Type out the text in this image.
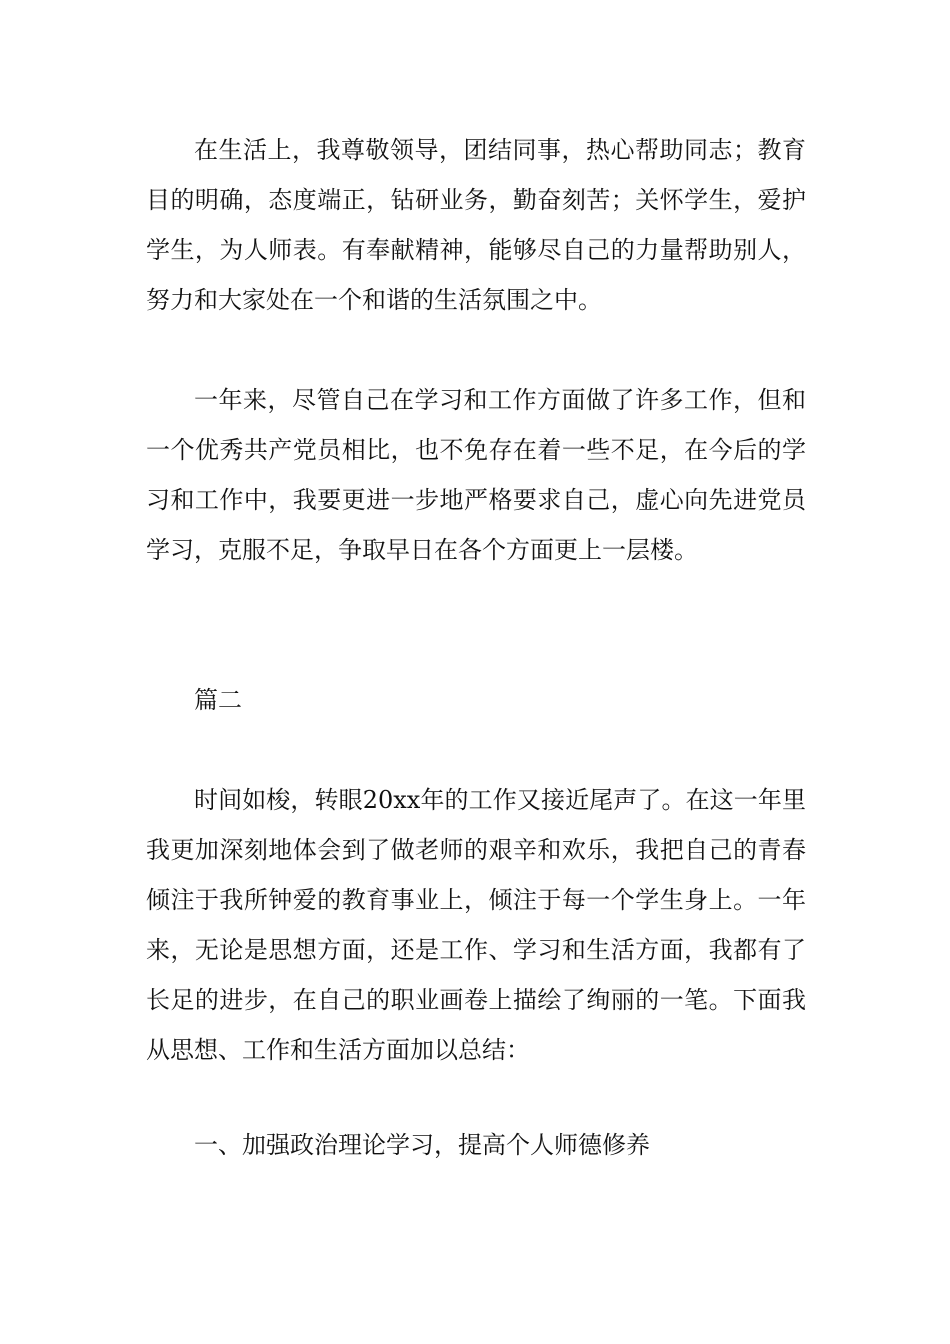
在生活上，我尊敬领导，团结同事，热心帮助同志；教育目的明确，态度端正，钻研业务，勤奋刻苦；关怀学生，爱护学生，为人师表。有奉献精神，能够尽自己的力量帮助别人，努力和大家处在一个和谐的生活氛围之中。

一年来，尽管自己在学习和工作方面做了许多工作，但和一个优秀共产党员相比，也不免存在着一些不足，在今后的学习和工作中，我要更进一步地严格要求自己，虚心向先进党员学习，克服不足，争取早日在各个方面更上一层楼。

篇二

时间如梭，转眼20xx年的工作又接近尾声了。在这一年里我更加深刻地体会到了做老师的艰辛和欢乐，我把自己的青春倾注于我所钟爱的教育事业上，倾注于每一个学生身上。一年来，无论是思想方面，还是工作、学习和生活方面，我都有了长足的进步，在自己的职业画卷上描绘了绚丽的一笔。下面我从思想、工作和生活方面加以总结：

一、加强政治理论学习，提高个人师德修养
